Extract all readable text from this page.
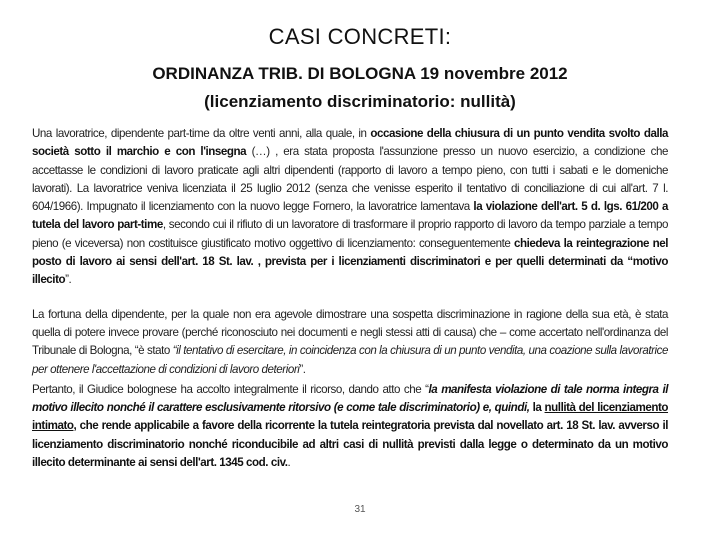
CASI CONCRETI:
ORDINANZA TRIB. DI BOLOGNA 19 novembre 2012
(licenziamento discriminatorio: nullità)

Una lavoratrice, dipendente part-time da oltre venti anni, alla quale, in occasione della chiusura di un punto vendita svolto dalla società sotto il marchio e con l'insegna (…) , era stata proposta l'assunzione presso un nuovo esercizio, a condizione che accettasse le condizioni di lavoro praticate agli altri dipendenti (rapporto di lavoro a tempo pieno, con tutti i sabati e le domeniche lavorati). La lavoratrice veniva licenziata il 25 luglio 2012 (senza che venisse esperito il tentativo di conciliazione di cui all'art. 7 l. 604/1966). Impugnato il licenziamento con la nuovo legge Fornero, la lavoratrice lamentava la violazione dell'art. 5 d. lgs. 61/200 a tutela del lavoro part-time, secondo cui il rifiuto di un lavoratore di trasformare il proprio rapporto di lavoro da tempo parziale a tempo pieno (e viceversa) non costituisce giustificato motivo oggettivo di licenziamento: conseguentemente chiedeva la reintegrazione nel posto di lavoro ai sensi dell'art. 18 St. lav. , prevista per i licenziamenti discriminatori e per quelli determinati da “motivo illecito”.

La fortuna della dipendente, per la quale non era agevole dimostrare una sospetta discriminazione in ragione della sua età, è stata quella di potere invece provare (perché riconosciuto nei documenti e negli stessi atti di causa) che – come accertato nell'ordinanza del Tribunale di Bologna, “è stato “il tentativo di esercitare, in coincidenza con la chiusura di un punto vendita, una coazione sulla lavoratrice per ottenere l'accettazione di condizioni di lavoro deteriori”.

Pertanto, il Giudice bolognese ha accolto integralmente il ricorso, dando atto che “la manifesta violazione di tale norma integra il motivo illecito nonché il carattere esclusivamente ritorsivo (e come tale discriminatorio) e, quindi, la nullità del licenziamento intimato, che rende applicabile a favore della ricorrente la tutela reintegratoria prevista dal novellato art. 18 St. lav. avverso il licenziamento discriminatorio nonché riconducibile ad altri casi di nullità previsti dalla legge o determinato da un motivo illecito determinante ai sensi dell'art. 1345 cod. civ..

31
